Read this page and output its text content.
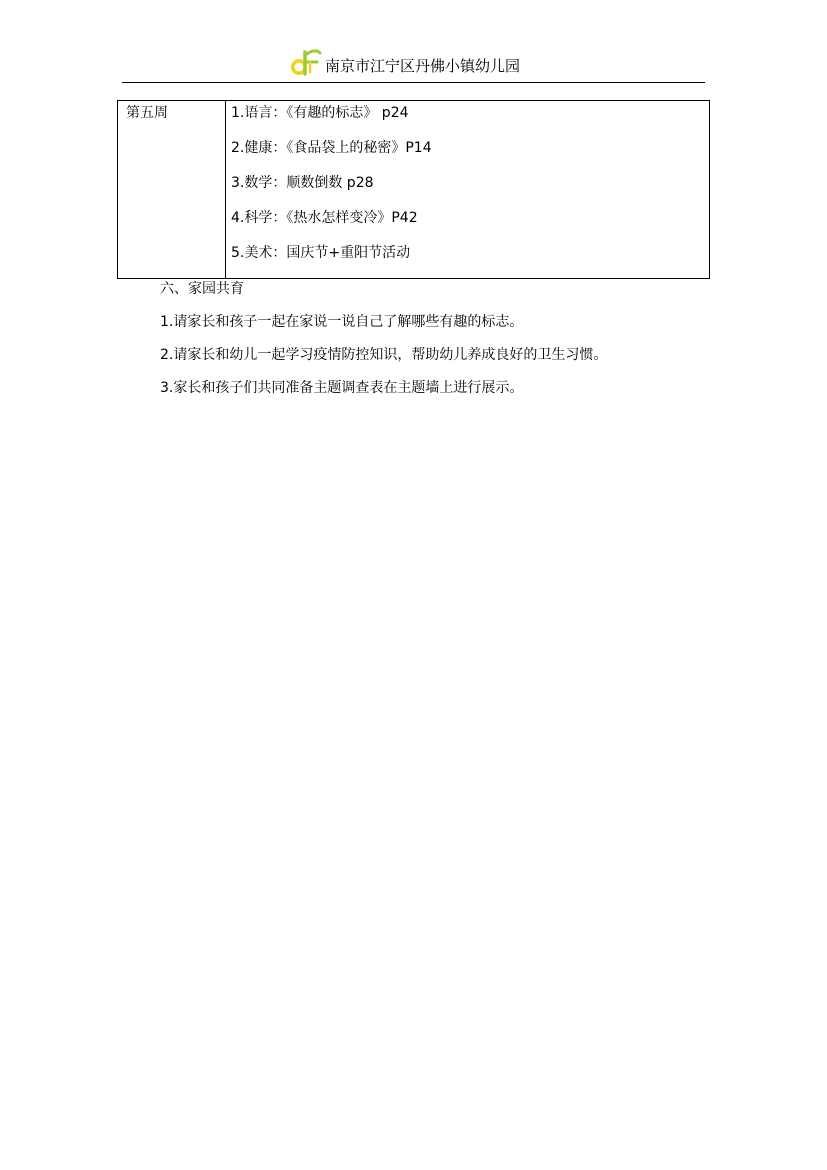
南京市江宁区丹佛小镇幼儿园
第五周	1.语言：《有趣的标志》 p24
2.健康：《食品袋上的秘密》P14
3.数学：顺数倒数 p28
4.科学：《热水怎样变冷》P42
5.美术：国庆节+重阳节活动
六、家园共育
1.请家长和孩子一起在家说一说自己了解哪些有趣的标志。
2.请家长和幼儿一起学习疫情防控知识，帮助幼儿养成良好的卫生习惯。
3.家长和孩子们共同准备主题调查表在主题墙上进行展示。
